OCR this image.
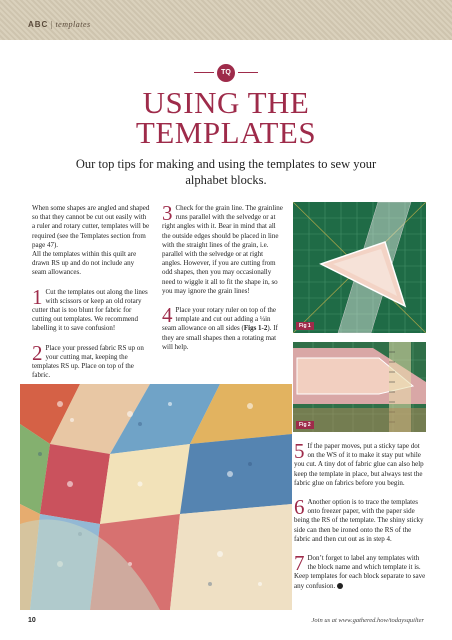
ABC | templates
TQ
USING THE
TEMPLATES
Our top tips for making and using the templates to sew your alphabet blocks.

When some shapes are angled and shaped so that they cannot be cut out easily with a ruler and rotary cutter, templates will be required (see the Templates section from page 47).

All the templates within this quilt are drawn RS up and do not include any seam allowances.

1 Cut the templates out along the lines with scissors or keep an old rotary cutter that is too blunt for fabric for cutting out templates. We recommend labelling it to save confusion!
2 Place your pressed fabric RS up on your cutting mat, keeping the templates RS up. Place on top of the fabric.
3 Check for the grain line. The grainline runs parallel with the selvedge or at right angles with it. Bear in mind that all the outside edges should be placed in line with the straight lines of the grain, i.e. parallel with the selvedge or at right angles. However, if you are cutting from odd shapes, then you may occasionally need to wiggle it all to fit the shape in, so you may ignore the grain lines!
4 Place your rotary ruler on top of the template and cut out adding a ¼in seam allowance on all sides (Figs 1-2). If they are small shapes then a rotating mat will help.
Fig 1
Fig 2
5 If the paper moves, put a sticky tape dot on the WS of it to make it stay put while you cut. A tiny dot of fabric glue can also help keep the template in place, but always test the fabric glue on fabrics before you begin.
6 Another option is to trace the templates onto freezer paper, with the paper side being the RS of the template. The shiny sticky side can then be ironed onto the RS of the fabric and then cut out as in step 4.
7 Don’t forget to label any templates with the block name and which template it is. Keep templates for each block separate to save any confusion.
10	Join us at www.gathered.how/todaysquilter
